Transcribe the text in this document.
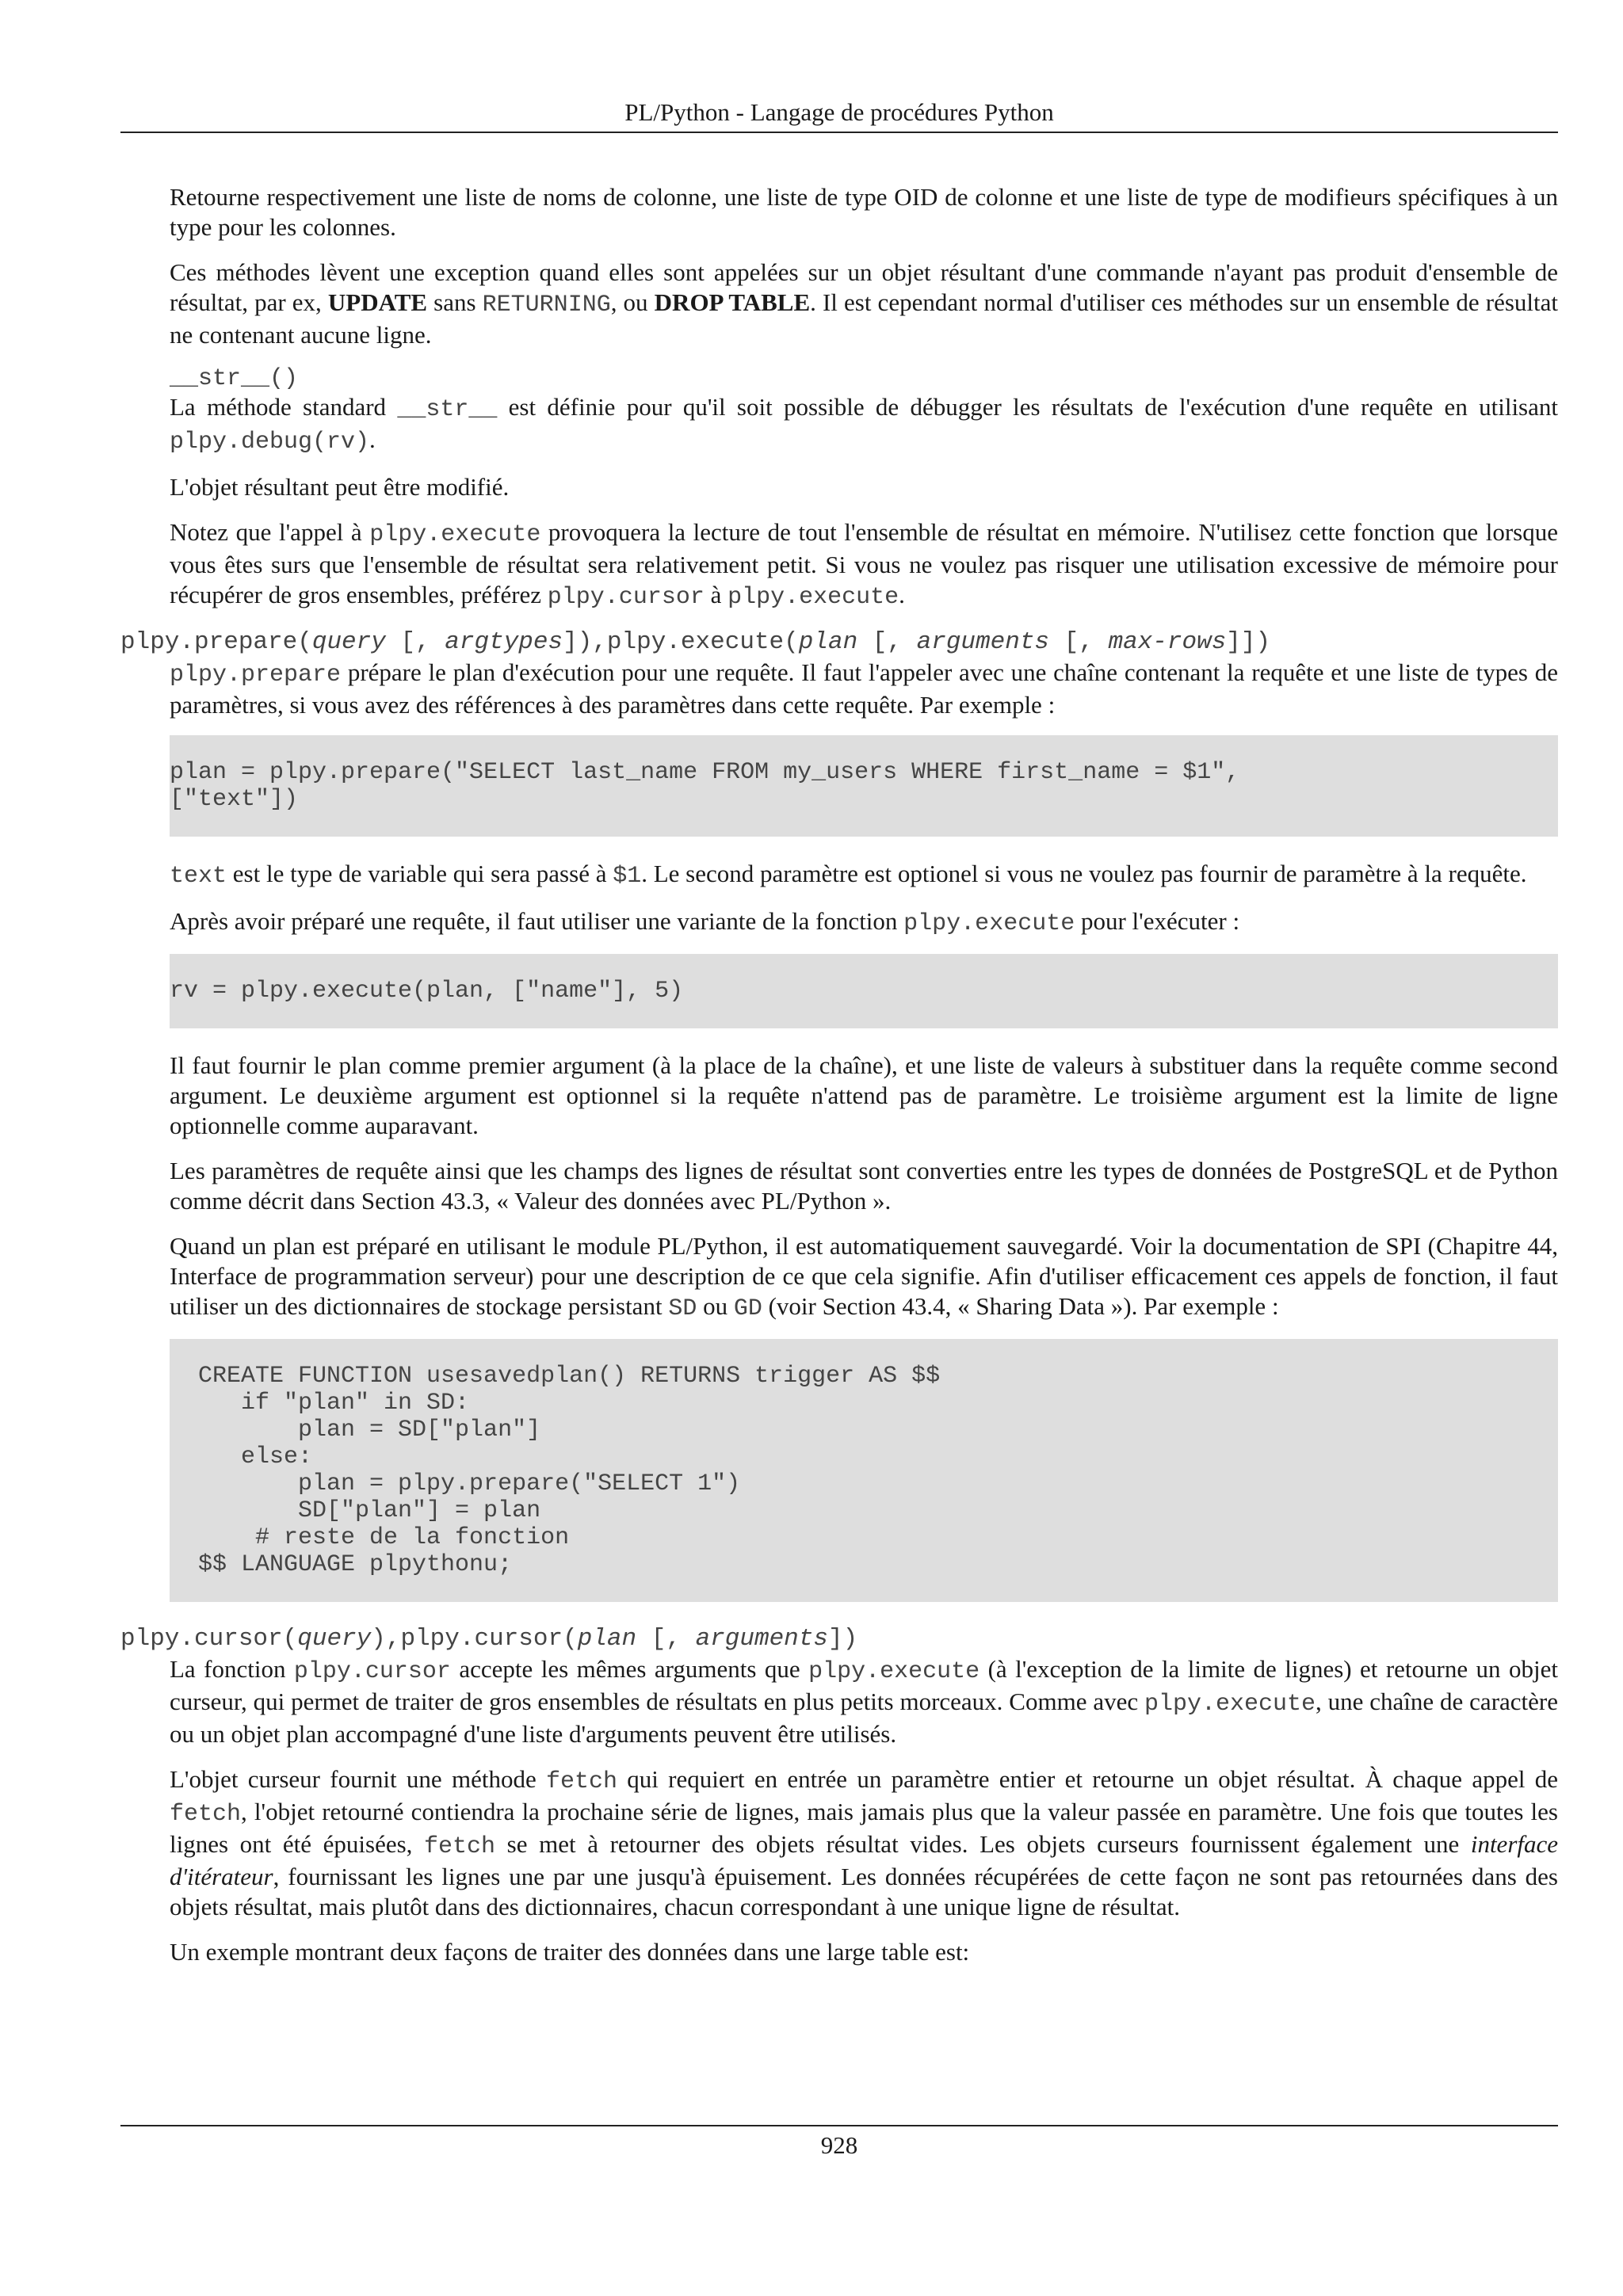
PL/Python - Langage de procédures Python

Retourne respectivement une liste de noms de colonne, une liste de type OID de colonne et une liste de type de modifieurs spécifiques à un type pour les colonnes.

Ces méthodes lèvent une exception quand elles sont appelées sur un objet résultant d'une commande n'ayant pas produit d'ensemble de résultat, par ex, UPDATE sans RETURNING, ou DROP TABLE. Il est cependant normal d'utiliser ces méthodes sur un ensemble de résultat ne contenant aucune ligne.

__str__()

La méthode standard __str__ est définie pour qu'il soit possible de débugger les résultats de l'exécution d'une requête en utilisant plpy.debug(rv).

L'objet résultant peut être modifié.

Notez que l'appel à plpy.execute provoquera la lecture de tout l'ensemble de résultat en mémoire. N'utilisez cette fonction que lorsque vous êtes surs que l'ensemble de résultat sera relativement petit. Si vous ne voulez pas risquer une utilisation excessive de mémoire pour récupérer de gros ensembles, préférez plpy.cursor à plpy.execute.

plpy.prepare(query [, argtypes]),plpy.execute(plan [, arguments [, max-rows]])

plpy.prepare prépare le plan d'exécution pour une requête. Il faut l'appeler avec une chaîne contenant la requête et une liste de types de paramètres, si vous avez des références à des paramètres dans cette requête. Par exemple :

plan = plpy.prepare("SELECT last_name FROM my_users WHERE first_name = $1",
["text"])

text est le type de variable qui sera passé à $1. Le second paramètre est optionel si vous ne voulez pas fournir de paramètre à la requête.

Après avoir préparé une requête, il faut utiliser une variante de la fonction plpy.execute pour l'exécuter :

rv = plpy.execute(plan, ["name"], 5)

Il faut fournir le plan comme premier argument (à la place de la chaîne), et une liste de valeurs à substituer dans la requête comme second argument. Le deuxième argument est optionnel si la requête n'attend pas de paramètre. Le troisième argument est la limite de ligne optionnelle comme auparavant.

Les paramètres de requête ainsi que les champs des lignes de résultat sont converties entre les types de données de PostgreSQL et de Python comme décrit dans Section 43.3, « Valeur des données avec PL/Python ».

Quand un plan est préparé en utilisant le module PL/Python, il est automatiquement sauvegardé. Voir la documentation de SPI (Chapitre 44, Interface de programmation serveur) pour une description de ce que cela signifie. Afin d'utiliser efficacement ces appels de fonction, il faut utiliser un des dictionnaires de stockage persistant SD ou GD (voir Section 43.4, « Sharing Data »). Par exemple :

CREATE FUNCTION usesavedplan() RETURNS trigger AS $$
if "plan" in SD:
plan = SD["plan"]
else:
plan = plpy.prepare("SELECT 1")
SD["plan"] = plan
# reste de la fonction
$$ LANGUAGE plpythonu;
plpy.cursor(query),plpy.cursor(plan [, arguments])

La fonction plpy.cursor accepte les mêmes arguments que plpy.execute (à l'exception de la limite de lignes) et retourne un objet curseur, qui permet de traiter de gros ensembles de résultats en plus petits morceaux. Comme avec plpy.execute, une chaîne de caractère ou un objet plan accompagné d'une liste d'arguments peuvent être utilisés.

L'objet curseur fournit une méthode fetch qui requiert en entrée un paramètre entier et retourne un objet résultat. À chaque appel de fetch, l'objet retourné contiendra la prochaine série de lignes, mais jamais plus que la valeur passée en paramètre. Une fois que toutes les lignes ont été épuisées, fetch se met à retourner des objets résultat vides. Les objets curseurs fournissent également une interface d'itérateur, fournissant les lignes une par une jusqu'à épuisement. Les données récupérées de cette façon ne sont pas retournées dans des objets résultat, mais plutôt dans des dictionnaires, chacun correspondant à une unique ligne de résultat.

Un exemple montrant deux façons de traiter des données dans une large table est:

928
